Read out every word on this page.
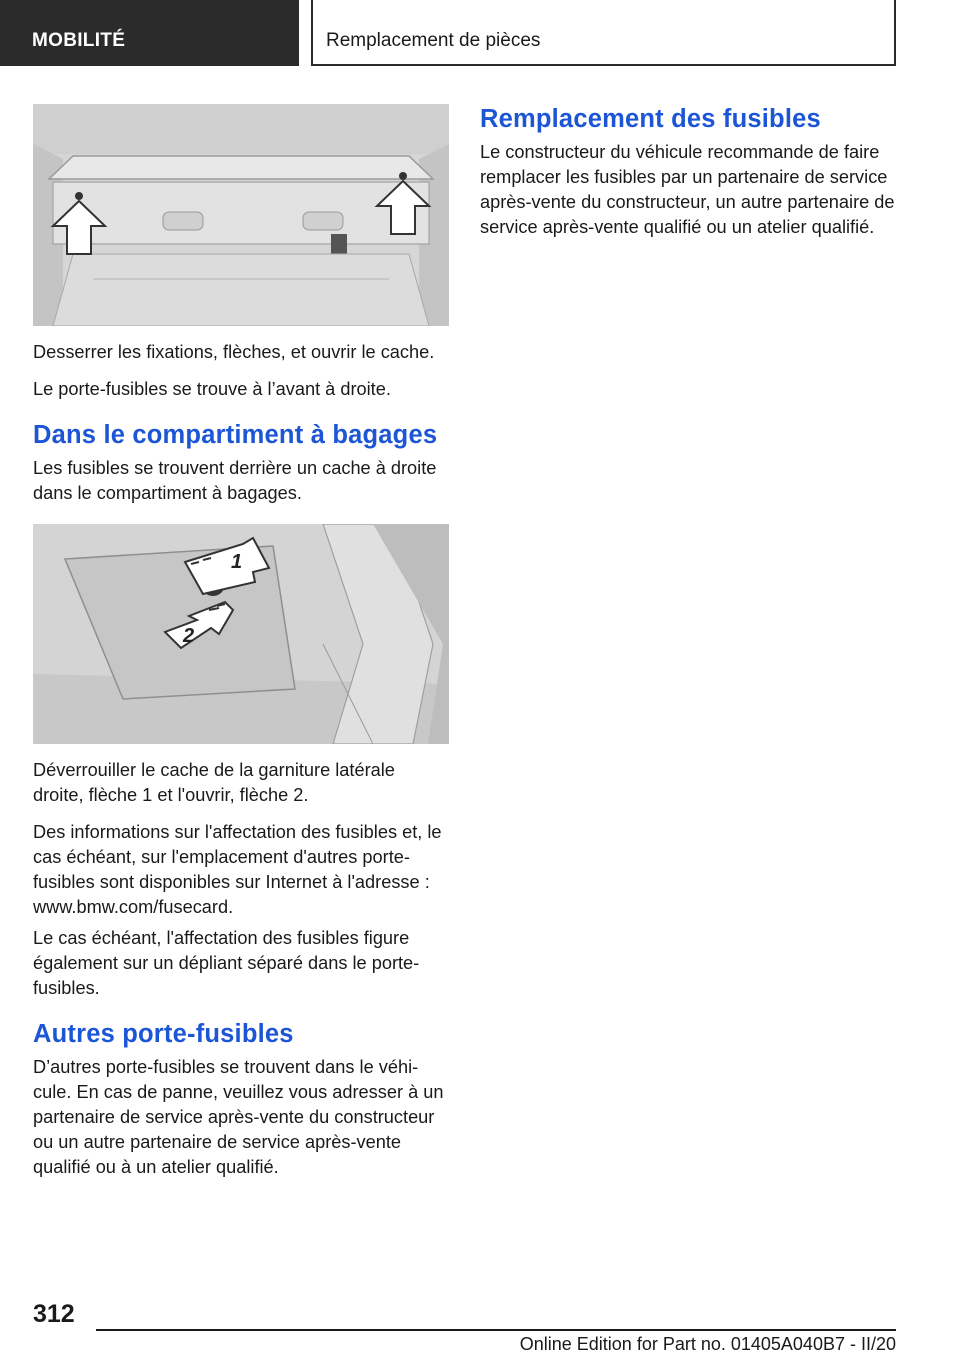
MOBILITÉ	Remplacement de pièces

Desserrer les fixations, flèches, et ouvrir le cache.

Le porte-fusibles se trouve à l’avant à droite.

Dans le compartiment à bagages

Les fusibles se trouvent derrière un cache à droite dans le compartiment à bagages.

1
2

Déverrouiller le cache de la garniture latérale droite, flèche 1 et l'ouvrir, flèche 2.

Des informations sur l'affectation des fusibles et, le cas échéant, sur l'emplacement d'autres porte-fusibles sont disponibles sur Internet à l'adresse : www.bmw.com/fusecard.

Le cas échéant, l'affectation des fusibles figure également sur un dépliant séparé dans le porte-fusibles.

Autres porte-fusibles

D’autres porte-fusibles se trouvent dans le véhicule. En cas de panne, veuillez vous adresser à un partenaire de service après-vente du constructeur ou un autre partenaire de service après-vente qualifié ou à un atelier qualifié.

Remplacement des fusibles

Le constructeur du véhicule recommande de faire remplacer les fusibles par un partenaire de service après-vente du constructeur, un autre partenaire de service après-vente qualifié ou un atelier qualifié.

312
Online Edition for Part no. 01405A040B7 - II/20
